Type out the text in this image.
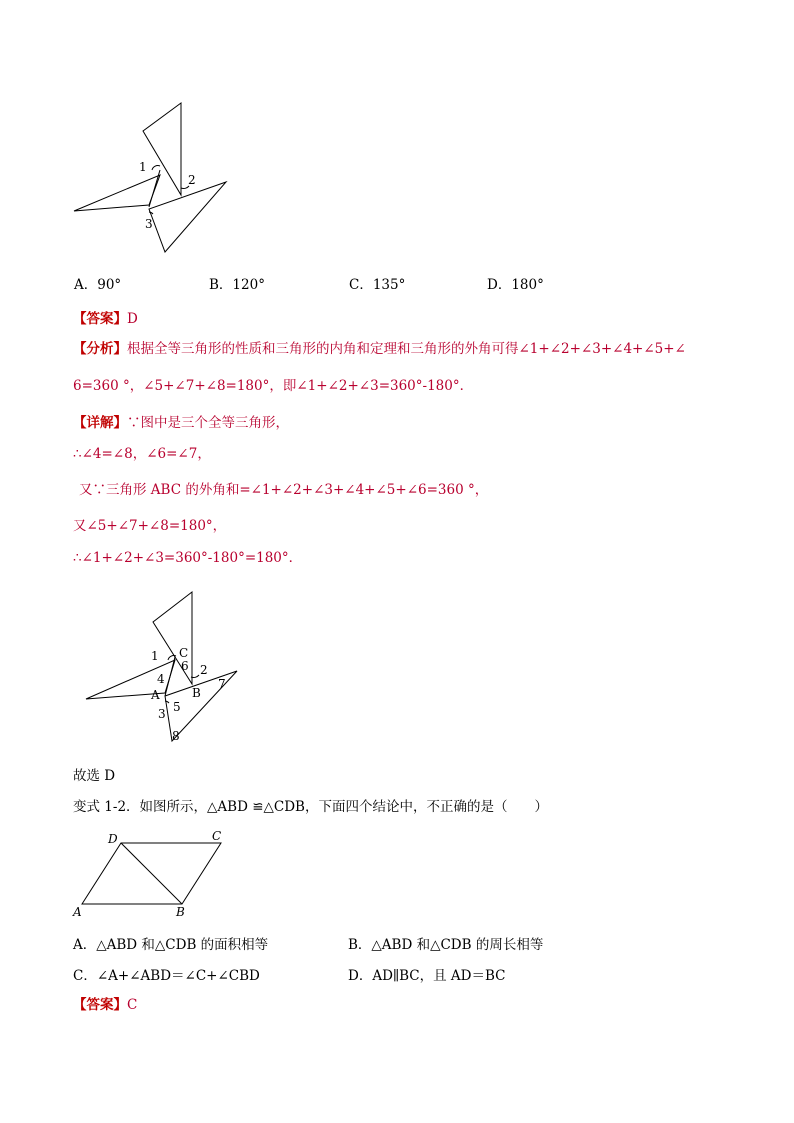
1
2
3
A．90°	B．120°	C．135°	D．180°
【答案】D
【分析】根据全等三角形的性质和三角形的内角和定理和三角形的外角可得∠1+∠2+∠3+∠4+∠5+∠
6=360 °，∠5+∠7+∠8=180°，即∠1+∠2+∠3=360°-180°．
【详解】∵图中是三个全等三角形，
∴∠4=∠8，∠6=∠7，
又∵三角形 ABC 的外角和=∠1+∠2+∠3+∠4+∠5+∠6=360 °，
又∠5+∠7+∠8=180°，
∴∠1+∠2+∠3=360°-180°=180°．
C
1
6 2
4
A	B
7
3 5
8
故选 D
变式 1-2．如图所示，△ABD ≌△CDB，下面四个结论中，不正确的是（　　）
D	C
A	B
A．△ABD 和△CDB 的面积相等	B．△ABD 和△CDB 的周长相等
C．∠A+∠ABD＝∠C+∠CBD	D．AD∥BC，且 AD＝BC
【答案】C
